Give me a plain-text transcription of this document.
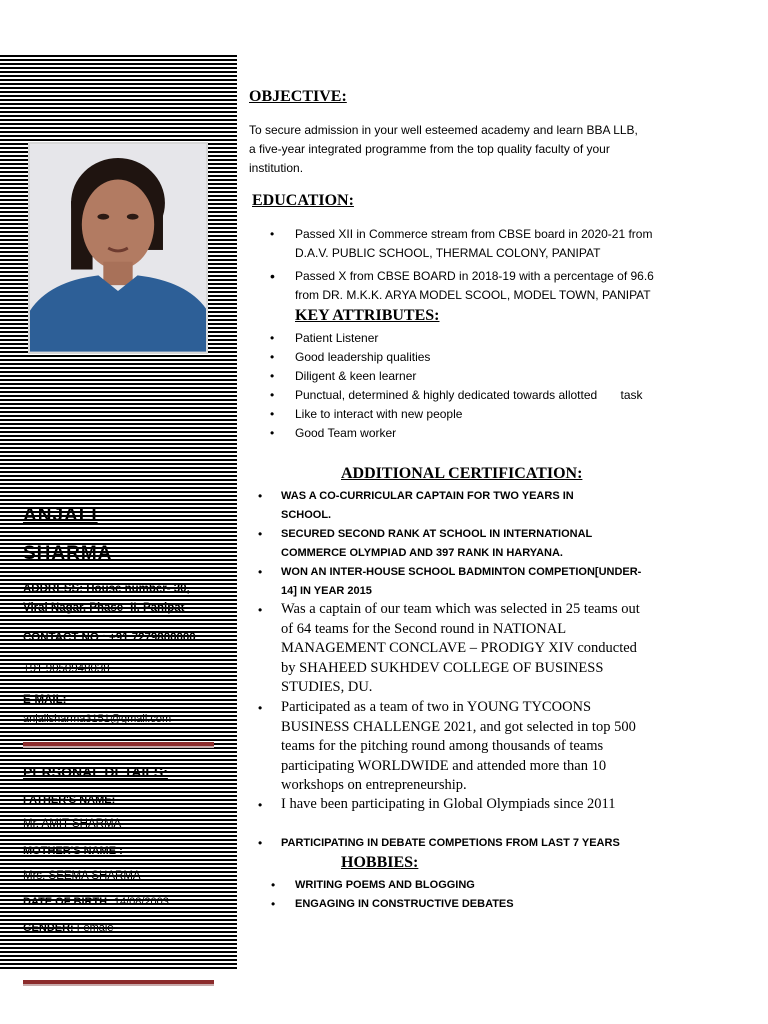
ANJALI
SHARMA
ADDRESS: House number- 30,
Viral Nagar, Phase -II, Panipat
CONTACT NO.: +91 7279800000
+91 9050948038
E-MAIL:
anjalisharma3151@gmail.com
PERSONAL DETAILS:
FATHER'S NAME:
Mr. AMIT SHARMA
MOTHER'S NAME :
Mrs. SEEMA SHARMA
DATE OF BIRTH: 14/08/2003
GENDER: Female
OBJECTIVE:
To secure admission in your well esteemed academy and learn BBA LLB,
a five-year integrated programme from the top quality faculty of your
institution.
EDUCATION:
• Passed XII in Commerce stream from CBSE board in 2020-21 from
D.A.V. PUBLIC SCHOOL, THERMAL COLONY, PANIPAT
• Passed X from CBSE BOARD in 2018-19 with a percentage of 96.6
from DR. M.K.K. ARYA MODEL SCOOL, MODEL TOWN, PANIPAT
KEY ATTRIBUTES:
• Patient Listener
• Good leadership qualities
• Diligent & keen learner
• Punctual, determined & highly dedicated towards allotted       task
• Like to interact with new people
• Good Team worker
ADDITIONAL CERTIFICATION:
• WAS A CO-CURRICULAR CAPTAIN FOR TWO YEARS IN
SCHOOL.
• SECURED SECOND RANK AT SCHOOL IN INTERNATIONAL
COMMERCE OLYMPIAD AND 397 RANK IN HARYANA.
• WON AN INTER-HOUSE SCHOOL BADMINTON COMPETION[UNDER-
14] IN YEAR 2015
• Was a captain of our team which was selected in 25 teams out
of 64 teams for the Second round in NATIONAL
MANAGEMENT CONCLAVE – PRODIGY XIV conducted
by SHAHEED SUKHDEV COLLEGE OF BUSINESS
STUDIES, DU.
• Participated as a team of two in YOUNG TYCOONS
BUSINESS CHALLENGE 2021, and got selected in top 500
teams for the pitching round among thousands of teams
participating WORLDWIDE and attended more than 10
workshops on entrepreneurship.
• I have been participating in Global Olympiads since 2011
• PARTICIPATING IN DEBATE COMPETIONS FROM LAST 7 YEARS
HOBBIES:
• WRITING POEMS AND BLOGGING
• ENGAGING IN CONSTRUCTIVE DEBATES
